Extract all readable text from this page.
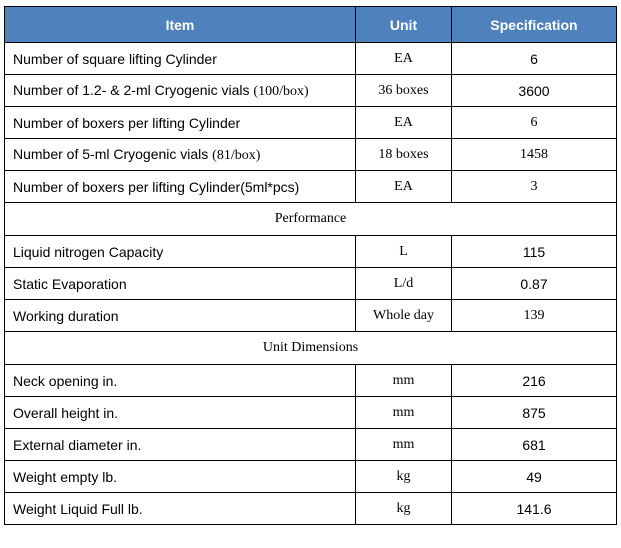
Item	Unit	Specification
Number of square lifting Cylinder	EA	6
Number of 1.2- & 2-ml Cryogenic vials (100/box)	36 boxes	3600
Number of boxers per lifting Cylinder	EA	6
Number of 5-ml Cryogenic vials (81/box)	18 boxes	1458
Number of boxers per lifting Cylinder(5ml*pcs)	EA	3
Performance		
Liquid nitrogen Capacity	L	115
Static Evaporation	L/d	0.87
Working duration	Whole day	139
Unit Dimensions		
Neck opening in.	mm	216
Overall height in.	mm	875
External diameter in.	mm	681
Weight empty lb.	kg	49
Weight Liquid Full lb.	kg	141.6
